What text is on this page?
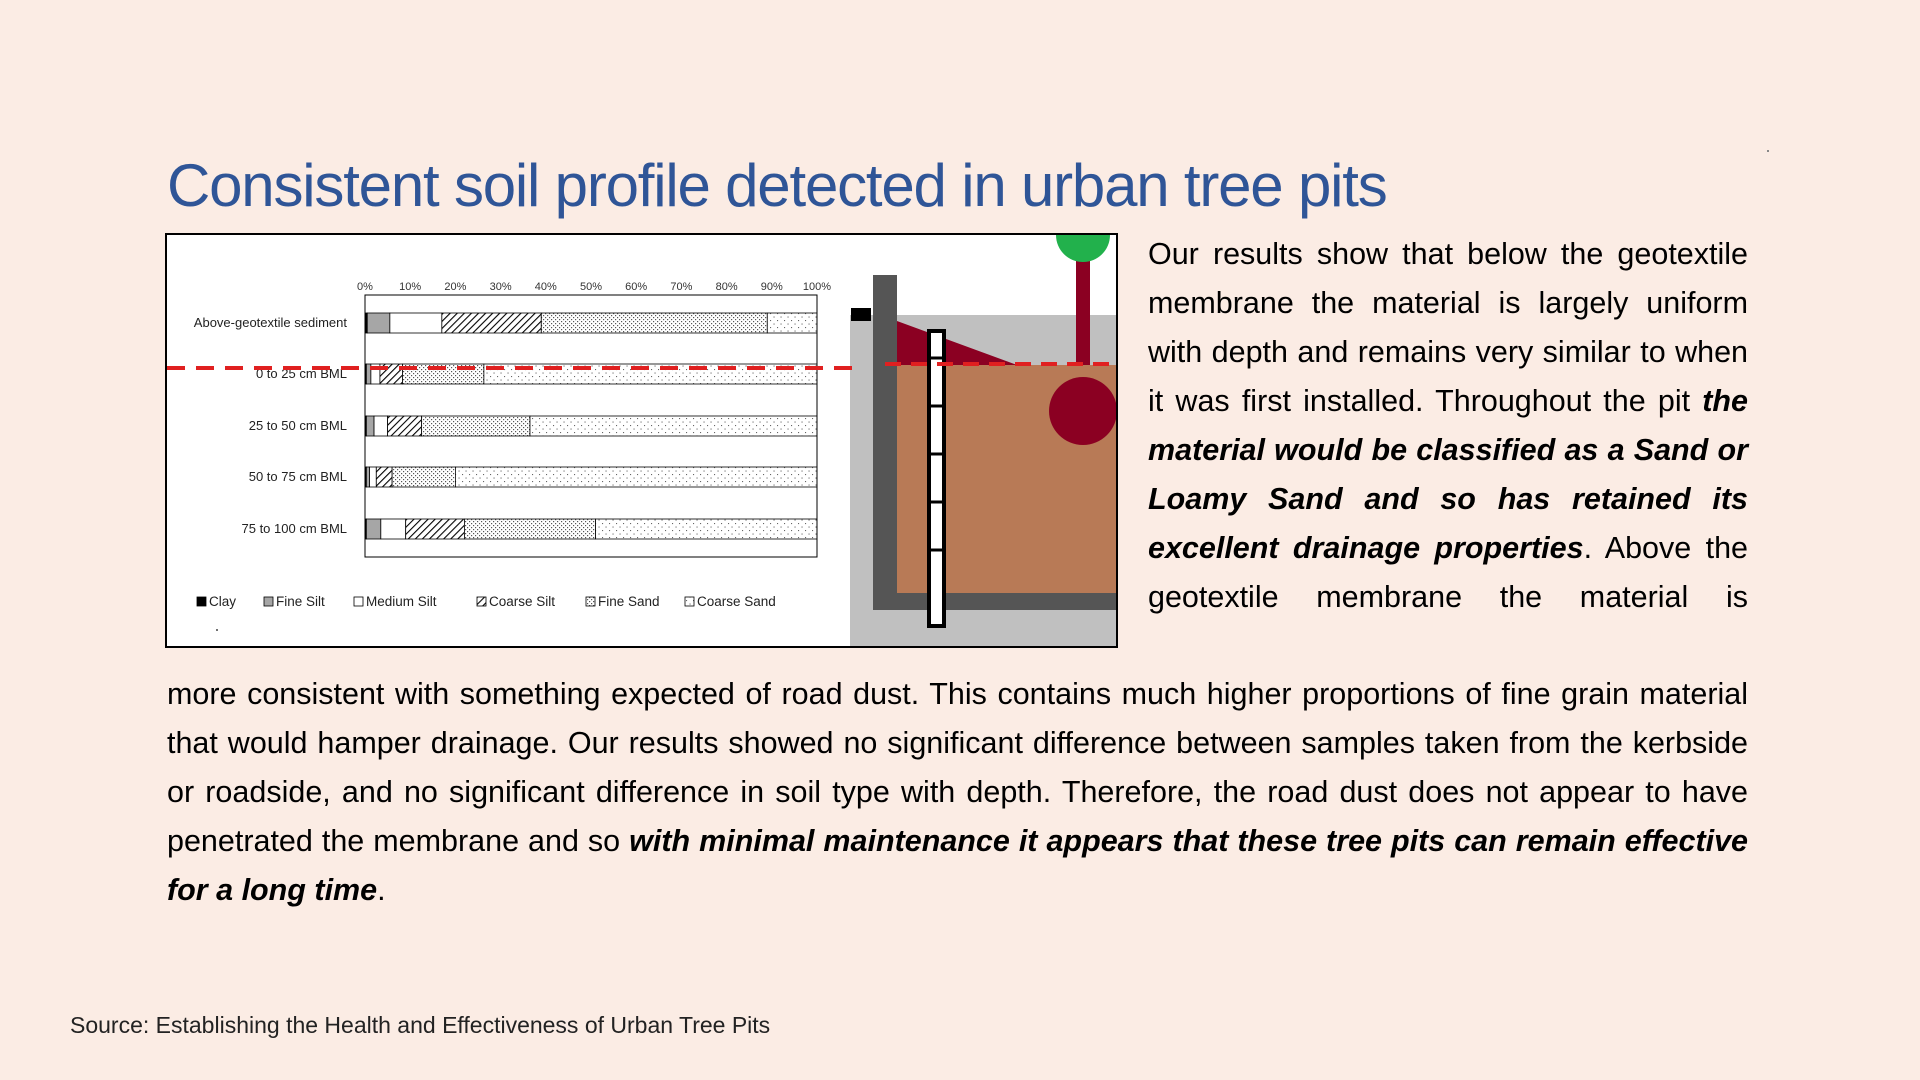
Consistent soil profile detected in urban tree pits
0% 10% 20% 30% 40% 50% 60% 70% 80% 90% 100%
Above-geotextile sediment
0 to 25 cm BML
25 to 50 cm BML
50 to 75 cm BML
75 to 100 cm BML
Clay	Fine Silt	Medium Silt	Coarse Silt	Fine Sand	Coarse Sand

Our results show that below the geotextile membrane the material is largely uniform with depth and remains very similar to when it was first installed. Throughout the pit the material would be classified as a Sand or Loamy Sand and so has retained its excellent drainage properties. Above the geotextile membrane the material is

more consistent with something expected of road dust. This contains much higher proportions of fine grain material that would hamper drainage. Our results showed no significant difference between samples taken from the kerbside or roadside, and no significant difference in soil type with depth. Therefore, the road dust does not appear to have penetrated the membrane and so with minimal maintenance it appears that these tree pits can remain effective for a long time.

Source: Establishing the Health and Effectiveness of Urban Tree Pits
